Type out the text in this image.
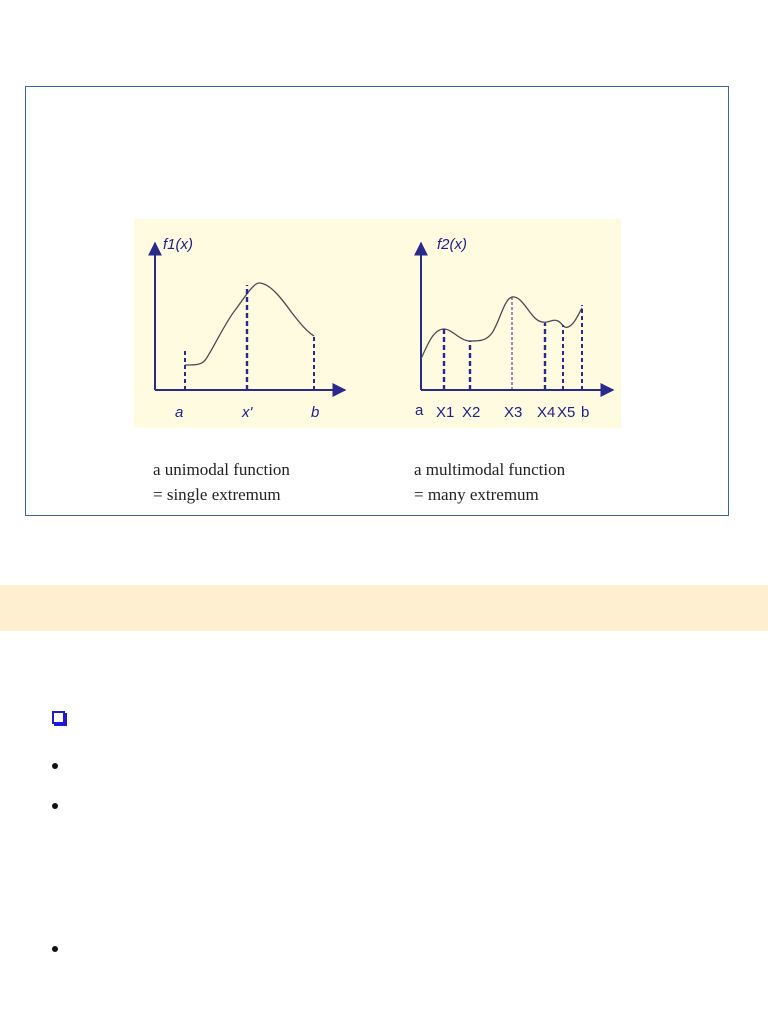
f1(x)
a	x'	b
f2(x)
a X1 X2 X3 X4 X5 b
a unimodal function
= single extremum
a multimodal function
= many extremum
